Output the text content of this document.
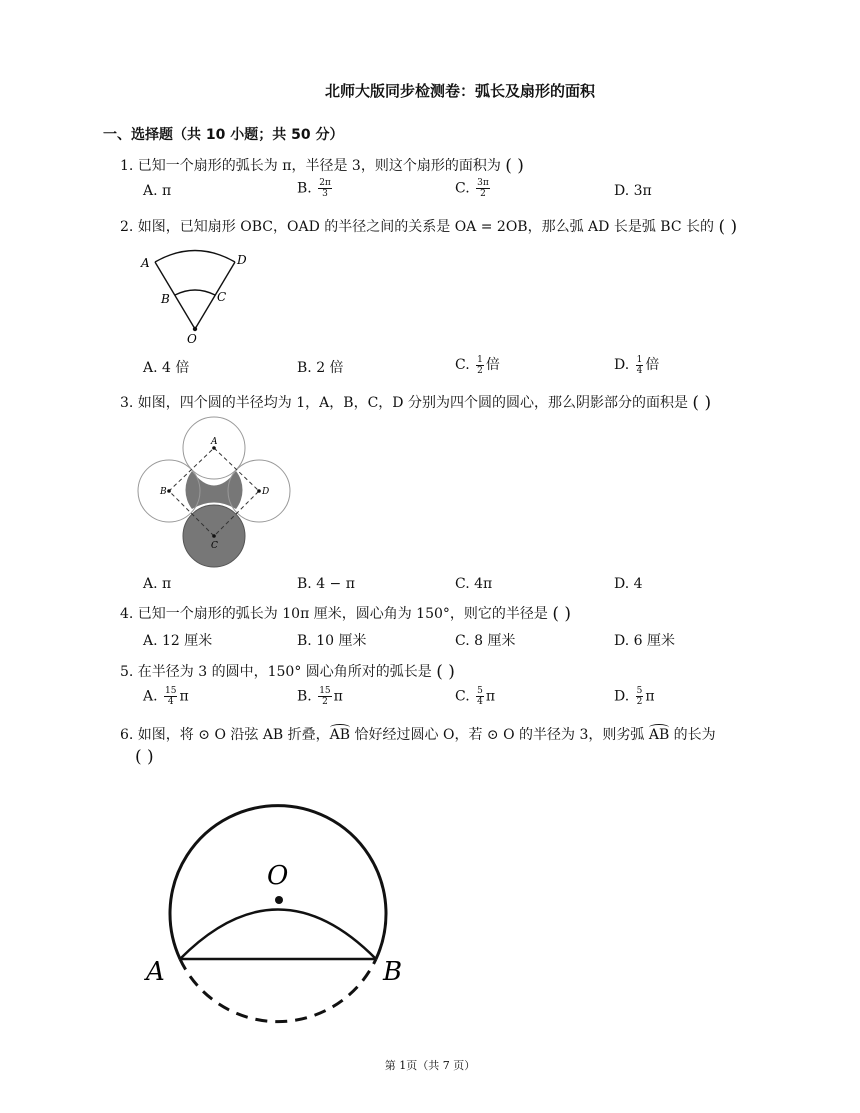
北师大版同步检测卷：弧长及扇形的面积
一、选择题（共 10 小题；共 50 分）
1. 已知一个扇形的弧长为 π，半径是 3，则这个扇形的面积为 ( )
A. π	B. $\frac{2\pi}{3}$	C. $\frac{3\pi}{2}$	D. 3π
2. 如图，已知扇形 OBC，OAD 的半径之间的关系是 OA = 2OB，那么弧 AD 长是弧 BC 长的 ( )
A	D
B	C
O
A. 4 倍	B. 2 倍	C. $\frac{1}{2}$ 倍	D. $\frac{1}{4}$ 倍
3. 如图，四个圆的半径均为 1，A，B，C，D 分别为四个圆的圆心，那么阴影部分的面积是 ( )
A
B	D
C
A. π	B. 4 − π	C. 4π	D. 4
4. 已知一个扇形的弧长为 10π 厘米，圆心角为 150°，则它的半径是 ( )
A. 12 厘米	B. 10 厘米	C. 8 厘米	D. 6 厘米
5. 在半径为 3 的圆中，150° 圆心角所对的弧长是 ( )
A. $\frac{15}{4}$ π	B. $\frac{15}{2}$ π	C. $\frac{5}{4}$ π	D. $\frac{5}{2}$ π
6. 如图，将 ⊙ O 沿弦 AB 折叠，AB 恰好经过圆心 O，若 ⊙ O 的半径为 3，则劣弧 AB 的长为
( )
O
A	B
第 1页（共 7 页）
